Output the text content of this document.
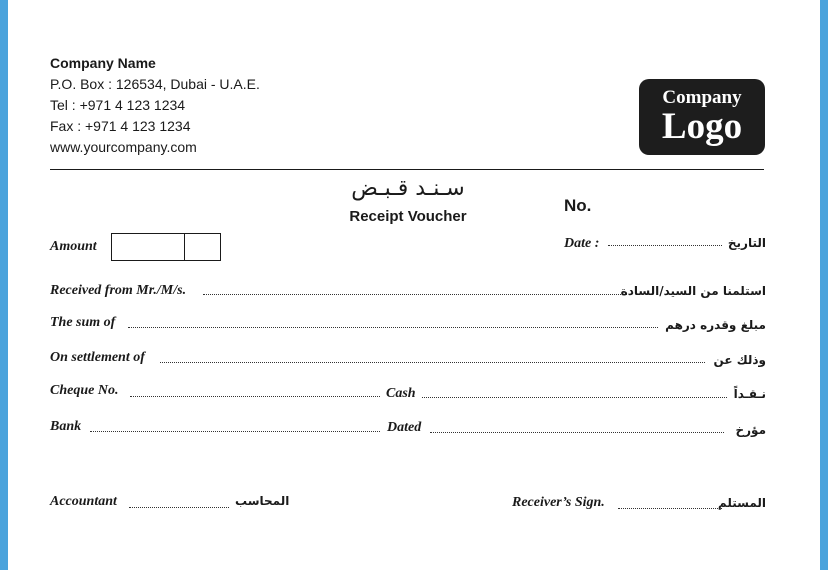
Company Name
P.O. Box : 126534, Dubai - U.A.E.
Tel : +971 4 123 1234
Fax : +971 4 123 1234
www.yourcompany.com
Company
Logo
سـنـد قـبـض
Receipt Voucher
No.
Amount	Date :	التاريخ
Received from Mr./M/s.	استلمنا من السيد/السادة
The sum of	مبلغ وقدره درهم
On settlement of	وذلك عن
Cheque No.	Cash	نـقـداً
Bank	Dated	مؤرخ
Accountant	المحاسب	Receiver’s Sign.	المستلم
